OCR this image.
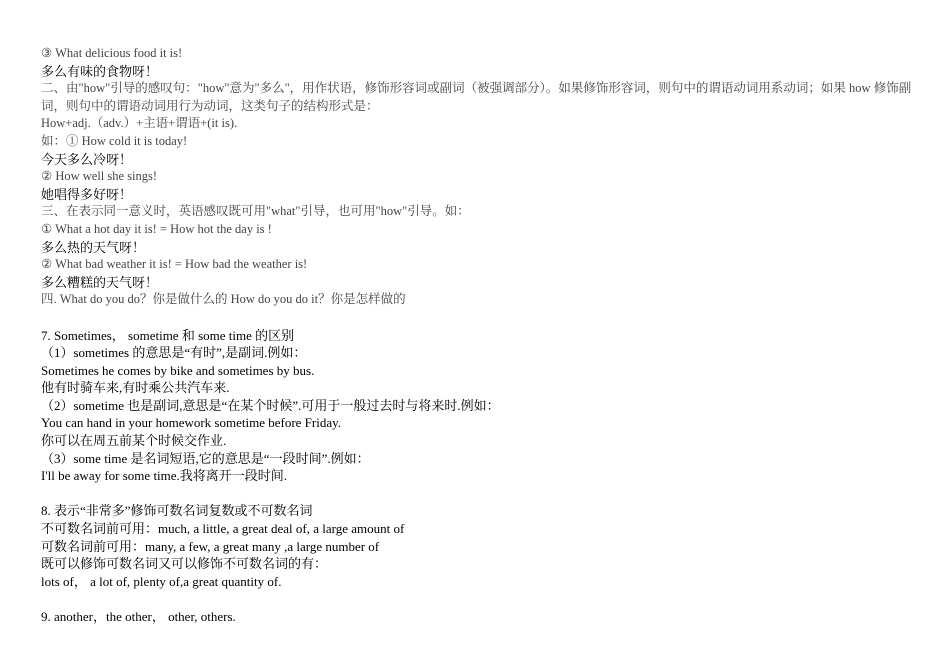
③ What delicious food it is!
多么有味的食物呀！
二、由"how"引导的感叹句："how"意为"多么"，用作状语，修饰形容词或副词（被强调部分）。如果修饰形容词，则句中的谓语动词用系动词；如果 how 修饰副词，则句中的谓语动词用行为动词，这类句子的结构形式是：
How+adj.（adv.）+主语+谓语+(it is).
如：① How cold it is today!
今天多么冷呀！
② How well she sings!
她唱得多好呀！
三、在表示同一意义时，英语感叹既可用"what"引导，也可用"how"引导。如：
① What a hot day it is! = How hot the day is !
多么热的天气呀！
② What bad weather it is! = How bad the weather is!
多么糟糕的天气呀！
四. What do you do？你是做什么的 How do you do it？你是怎样做的
7. Sometimes， sometime 和 some time 的区别
（1）sometimes 的意思是“有时”,是副词.例如：
Sometimes he comes by bike and sometimes by bus.
他有时骑车来,有时乘公共汽车来.
（2）sometime 也是副词,意思是“在某个时候”.可用于一般过去时与将来时.例如：
You can hand in your homework sometime before Friday.
你可以在周五前某个时候交作业.
（3）some time 是名词短语,它的意思是“一段时间”.例如：
I'll be away for some time.我将离开一段时间.
8. 表示“非常多”修饰可数名词复数或不可数名词
不可数名词前可用：much, a little, a great deal of, a large amount of
可数名词前可用：many, a few, a great many ,a large number of
既可以修饰可数名词又可以修饰不可数名词的有：
lots of， a lot of, plenty of,a great quantity of.
9. another，the other， other, others.
